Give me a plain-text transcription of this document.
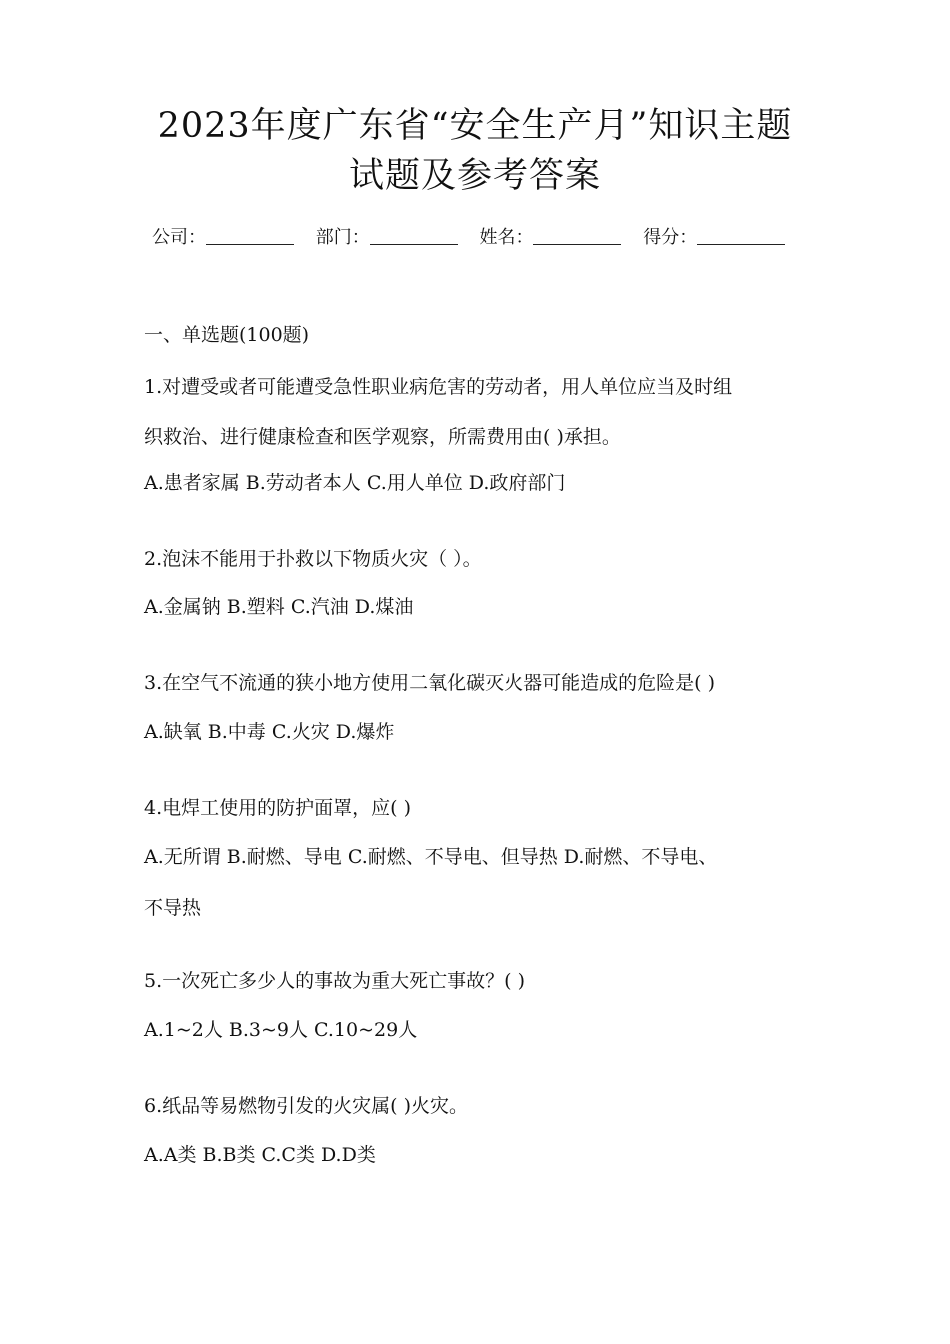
2023年度广东省“安全生产月”知识主题
试题及参考答案
公司：	部门：	姓名：	得分：
一、单选题(100题)
1.对遭受或者可能遭受急性职业病危害的劳动者，用人单位应当及时组
织救治、进行健康检查和医学观察，所需费用由( )承担。
A.患者家属 B.劳动者本人 C.用人单位 D.政府部门
2.泡沫不能用于扑救以下物质火灾（ ）。
A.金属钠 B.塑料 C.汽油 D.煤油
3.在空气不流通的狭小地方使用二氧化碳灭火器可能造成的危险是( )
A.缺氧 B.中毒 C.火灾 D.爆炸
4.电焊工使用的防护面罩，应( )
A.无所谓 B.耐燃、导电 C.耐燃、不导电、但导热 D.耐燃、不导电、
不导热
5.一次死亡多少人的事故为重大死亡事故？( )
A.1~2人 B.3~9人 C.10~29人
6.纸品等易燃物引发的火灾属( )火灾。
A.A类 B.B类 C.C类 D.D类
